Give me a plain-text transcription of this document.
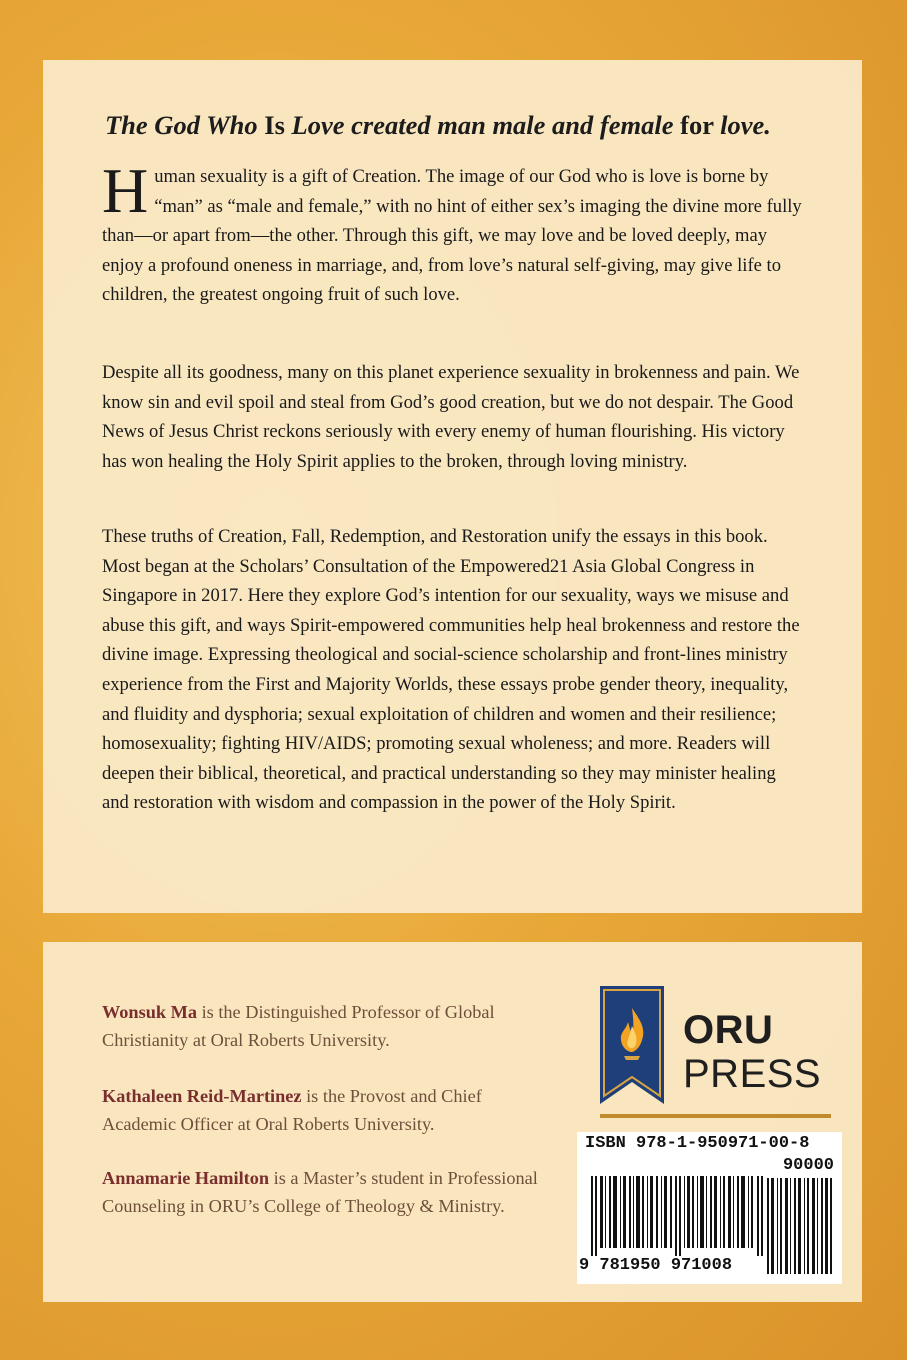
The God Who Is Love created man male and female for love.

Human sexuality is a gift of Creation. The image of our God who is love is borne by “man” as “male and female,” with no hint of either sex’s imaging the divine more fully than—or apart from—the other. Through this gift, we may love and be loved deeply, may enjoy a profound oneness in marriage, and, from love’s natural self-giving, may give life to children, the greatest ongoing fruit of such love.

Despite all its goodness, many on this planet experience sexuality in brokenness and pain. We know sin and evil spoil and steal from God’s good creation, but we do not despair. The Good News of Jesus Christ reckons seriously with every enemy of human flourishing. His victory has won healing the Holy Spirit applies to the broken, through loving ministry.

These truths of Creation, Fall, Redemption, and Restoration unify the essays in this book. Most began at the Scholars’ Consultation of the Empowered21 Asia Global Congress in Singapore in 2017. Here they explore God’s intention for our sexuality, ways we misuse and abuse this gift, and ways Spirit-empowered communities help heal brokenness and restore the divine image. Expressing theological and social-science scholarship and front-lines ministry experience from the First and Majority Worlds, these essays probe gender theory, inequality, and fluidity and dysphoria; sexual exploitation of children and women and their resilience; homosexuality; fighting HIV/AIDS; promoting sexual wholeness; and more. Readers will deepen their biblical, theoretical, and practical understanding so they may minister healing and restoration with wisdom and compassion in the power of the Holy Spirit.

Wonsuk Ma is the Distinguished Professor of Global Christianity at Oral Roberts University.

Kathaleen Reid-Martinez is the Provost and Chief Academic Officer at Oral Roberts University.

Annamarie Hamilton is a Master’s student in Professional Counseling in ORU’s College of Theology & Ministry.

ORU
PRESS
ISBN 978-1-950971-00-8
90000
9 781950 971008
